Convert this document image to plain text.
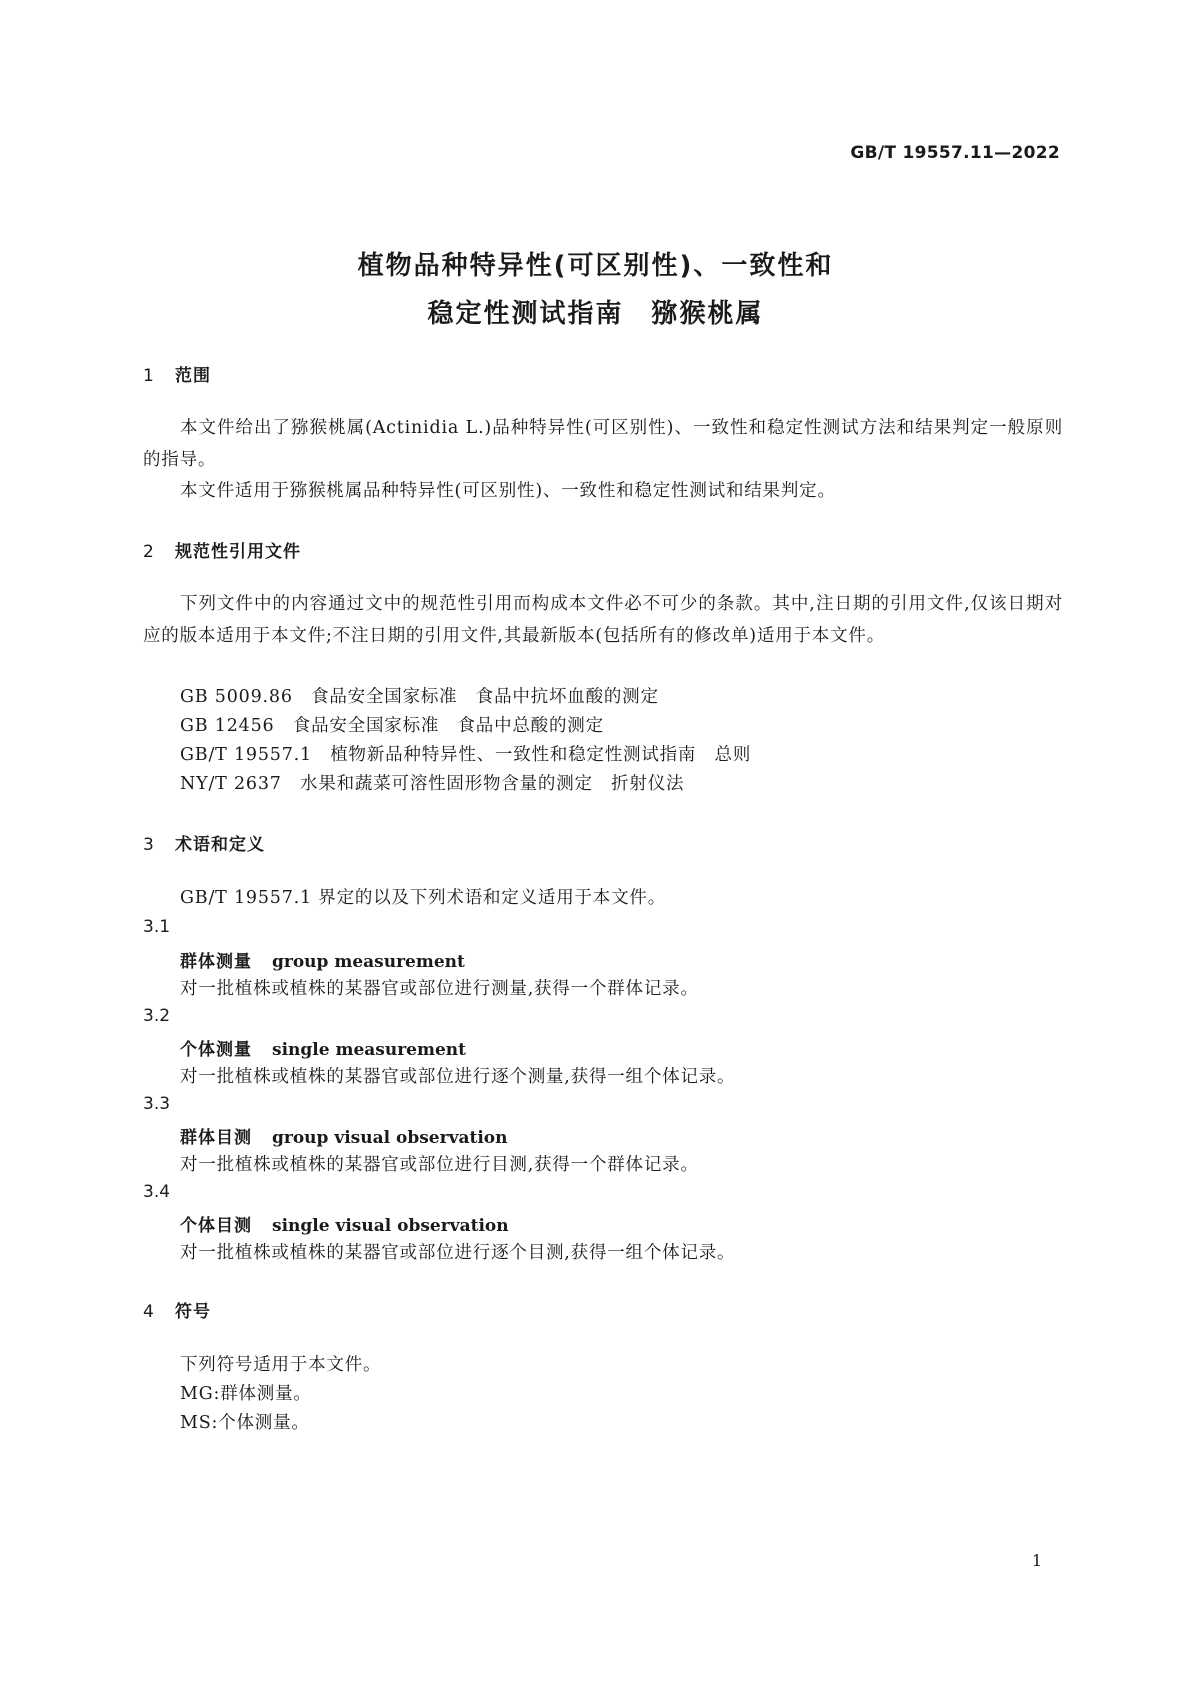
GB/T 19557.11—2022
植物品种特异性(可区别性)、一致性和
稳定性测试指南　猕猴桃属
1 范围
本文件给出了猕猴桃属(Actinidia L.)品种特异性(可区别性)、一致性和稳定性测试方法和结果判定一般原则的指导。
本文件适用于猕猴桃属品种特异性(可区别性)、一致性和稳定性测试和结果判定。
2 规范性引用文件
下列文件中的内容通过文中的规范性引用而构成本文件必不可少的条款。其中,注日期的引用文件,仅该日期对应的版本适用于本文件;不注日期的引用文件,其最新版本(包括所有的修改单)适用于本文件。
GB 5009.86　食品安全国家标准　食品中抗坏血酸的测定
GB 12456　食品安全国家标准　食品中总酸的测定
GB/T 19557.1　植物新品种特异性、一致性和稳定性测试指南　总则
NY/T 2637　水果和蔬菜可溶性固形物含量的测定　折射仪法
3 术语和定义
GB/T 19557.1 界定的以及下列术语和定义适用于本文件。
3.1
群体测量 group measurement
对一批植株或植株的某器官或部位进行测量,获得一个群体记录。
3.2
个体测量 single measurement
对一批植株或植株的某器官或部位进行逐个测量,获得一组个体记录。
3.3
群体目测 group visual observation
对一批植株或植株的某器官或部位进行目测,获得一个群体记录。
3.4
个体目测 single visual observation
对一批植株或植株的某器官或部位进行逐个目测,获得一组个体记录。
4 符号
下列符号适用于本文件。
MG:群体测量。
MS:个体测量。
1
